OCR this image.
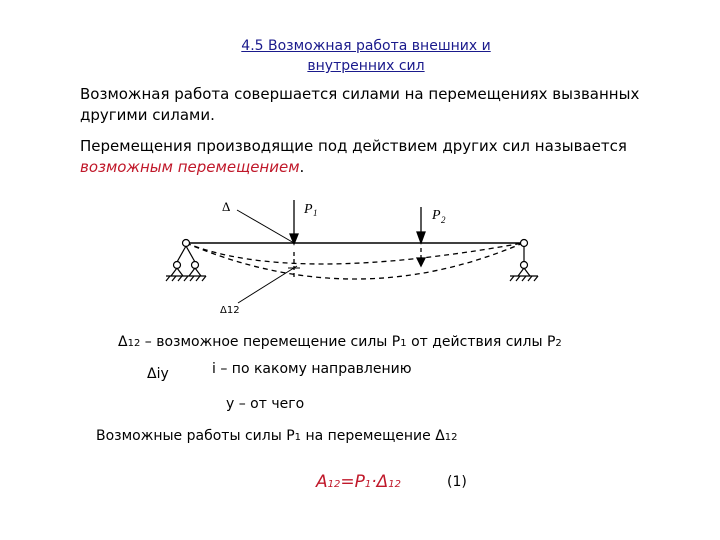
4.5 Возможная работа внешних и
внутренних сил
Возможная работа совершается силами на перемещениях вызванных
другими силами.
Перемещения производящие под действием других сил называется
возможным перемещением.
Δ	P 1	P 2
Δ12
Δ12 – возможное перемещение силы P1 от действия силы P2
Δiy	i – по какому направлению
y – от чего
Возможные работы силы P1 на перемещение Δ12
A12=P1·Δ12	(1)
